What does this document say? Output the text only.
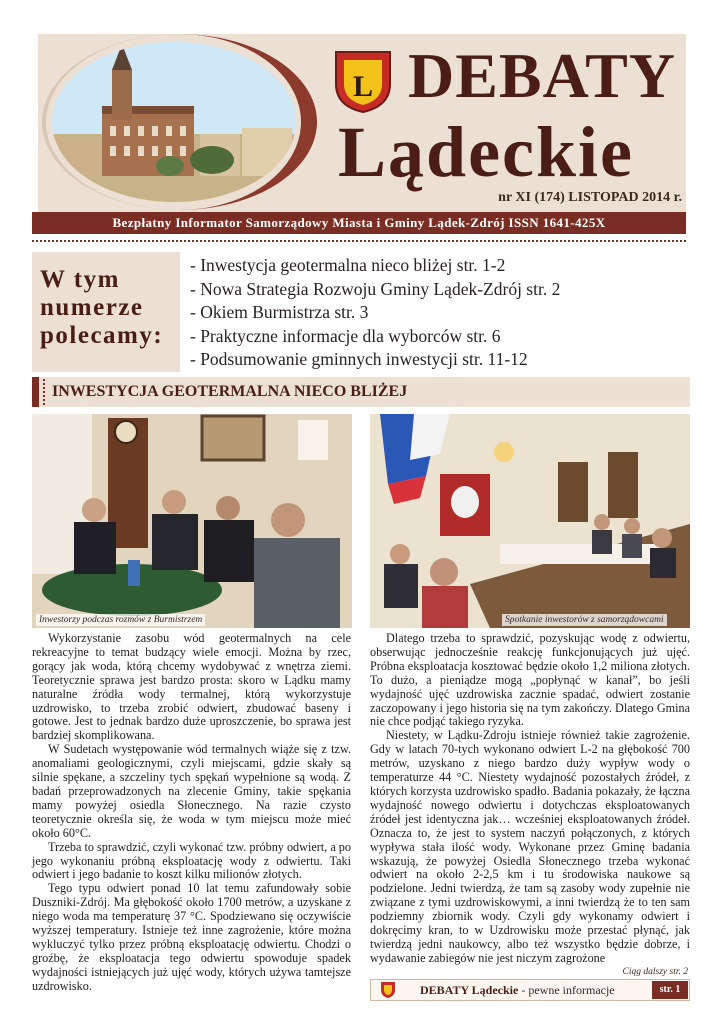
L DEBATY
Lądeckie
nr XI (174) LISTOPAD 2014 r.
Bezpłatny Informator Samorządowy Miasta i Gminy Lądek-Zdrój ISSN 1641-425X
W tym
numerze
polecamy:
- Inwestycja geotermalna nieco bliżej str. 1-2
- Nowa Strategia Rozwoju Gminy Lądek-Zdrój str. 2
- Okiem Burmistrza str. 3
- Praktyczne informacje dla wyborców str. 6
- Podsumowanie gminnych inwestycji str. 11-12
INWESTYCJA GEOTERMALNA NIECO BLIŻEJ
Inwestorzy podczas rozmów z Burmistrzem	Spotkanie inwestorów z samorządowcami

Wykorzystanie zasobu wód geotermalnych na cele rekreacyjne to temat budzący wiele emocji. Można by rzec, gorący jak woda, którą chcemy wydobywać z wnętrza ziemi. Teoretycznie sprawa jest bardzo prosta: skoro w Lądku mamy naturalne źródła wody termalnej, którą wykorzystuje uzdrowisko, to trzeba zrobić odwiert, zbudować baseny i gotowe. Jest to jednak bardzo duże uproszczenie, bo sprawa jest bardziej skomplikowana.

W Sudetach występowanie wód termalnych wiąże się z tzw. anomaliami geologicznymi, czyli miejscami, gdzie skały są silnie spękane, a szczeliny tych spękań wypełnione są wodą. Z badań przeprowadzonych na zlecenie Gminy, takie spękania mamy powyżej osiedla Słonecznego. Na razie czysto teoretycznie określa się, że woda w tym miejscu może mieć około 60°C.

Trzeba to sprawdzić, czyli wykonać tzw. próbny odwiert, a po jego wykonaniu próbną eksploatację wody z odwiertu. Taki odwiert i jego badanie to koszt kilku milionów złotych.

Tego typu odwiert ponad 10 lat temu zafundowały sobie Duszniki-Zdrój. Ma głębokość około 1700 metrów, a uzyskane z niego woda ma temperaturę 37 °C. Spodziewano się oczywiście wyższej temperatury. Istnieje też inne zagrożenie, które można wykluczyć tylko przez próbną eksploatację odwiertu. Chodzi o groźbę, że eksploatacja tego odwiertu spowoduje spadek wydajności istniejących już ujęć wody, których używa tamtejsze uzdrowisko.

Dlatego trzeba to sprawdzić, pozyskując wodę z odwiertu, obserwując jednocześnie reakcję funkcjonujących już ujęć. Próbna eksploatacja kosztować będzie około 1,2 miliona złotych. To dużo, a pieniądze mogą „popłynąć w kanał”, bo jeśli wydajność ujęć uzdrowiska zacznie spadać, odwiert zostanie zaczopowany i jego historia się na tym zakończy. Dlatego Gmina nie chce podjąć takiego ryzyka.

Niestety, w Lądku-Zdroju istnieje również takie zagrożenie. Gdy w latach 70-tych wykonano odwiert L-2 na głębokość 700 metrów, uzyskano z niego bardzo duży wypływ wody o temperaturze 44 °C. Niestety wydajność pozostałych źródeł, z których korzysta uzdrowisko spadło. Badania pokazały, że łączna wydajność nowego odwiertu i dotychczas eksploatowanych źródeł jest identyczna jak… wcześniej eksploatowanych źródeł. Oznacza to, że jest to system naczyń połączonych, z których wypływa stała ilość wody. Wykonane przez Gminę badania wskazują, że powyżej Osiedla Słonecznego trzeba wykonać odwiert na około 2-2,5 km i tu środowiska naukowe są podzielone. Jedni twierdzą, że tam są zasoby wody zupełnie nie związane z tymi uzdrowiskowymi, a inni twierdzą że to ten sam podziemny zbiornik wody. Czyli gdy wykonamy odwiert i dokręcimy kran, to w Uzdrowisku może przestać płynąć, jak twierdzą jedni naukowcy, albo też wszystko będzie dobrze, i wydawanie zabiegów nie jest niczym zagrożone

Ciąg dalszy str. 2
DEBATY Lądeckie - pewne informacje	str. 1
